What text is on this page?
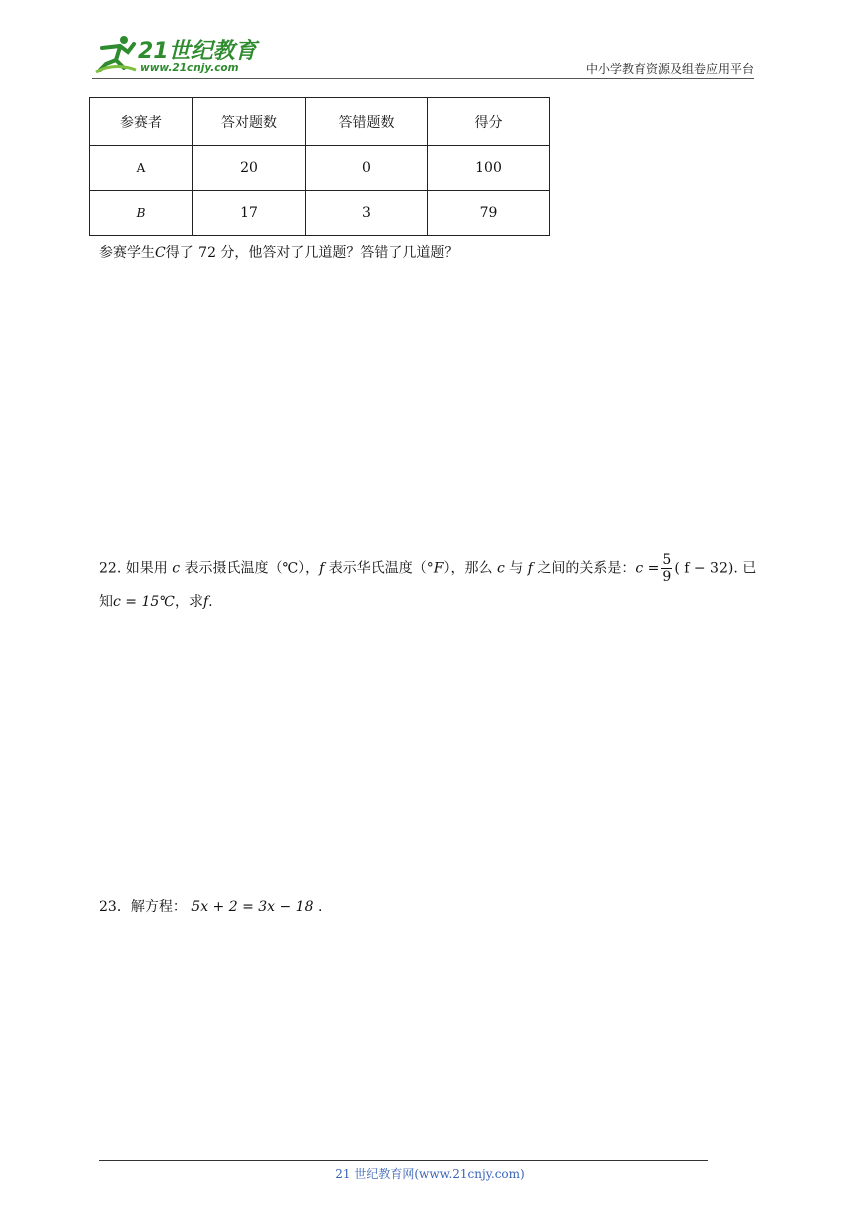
21世纪教育
www.21cnjy.com	中小学教育资源及组卷应用平台
参赛者	答对题数	答错题数	得分
A	20	0	100
B	17	3	79
参赛学生C得了 72 分，他答对了几道题？答错了几道题？
22. 如果用 c 表示摄氏温度（℃），f 表示华氏温度（°F），那么 c 与 f 之间的关系是：$c = \frac{5}{9}$ ( f − 32). 已
知c = 15℃，求f.
23．解方程： 5x + 2 = 3x − 18 .
21 世纪教育网(www.21cnjy.com)
